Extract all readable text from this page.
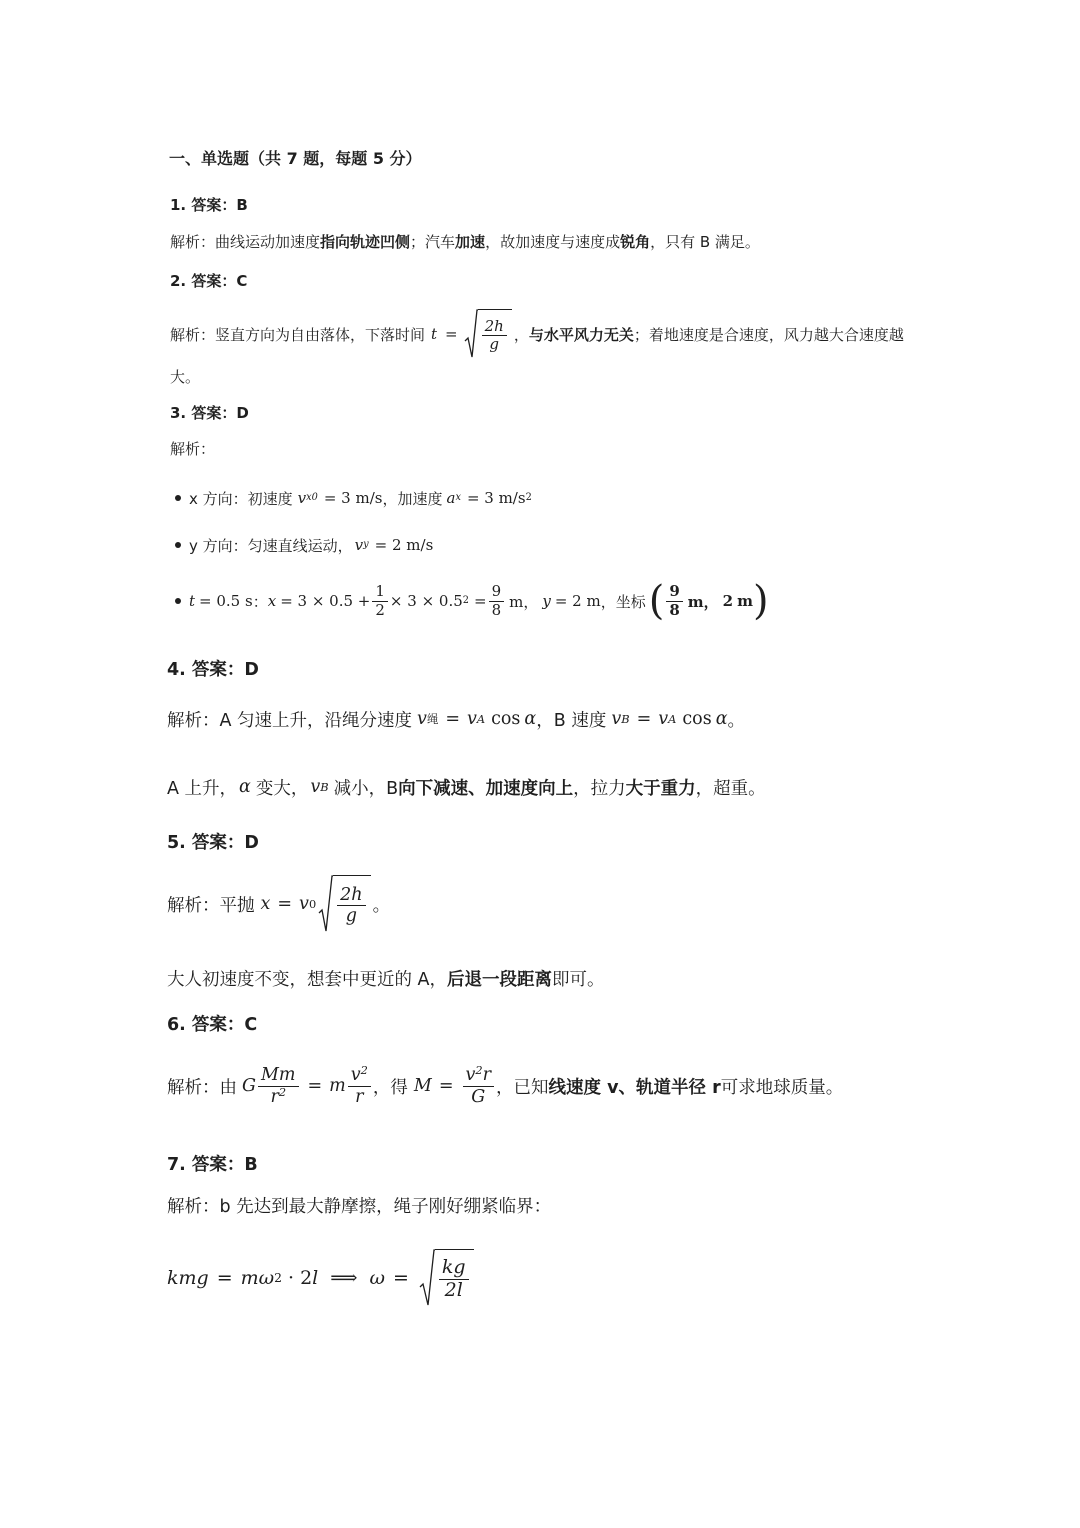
一、单选题（共 7 题，每题 5 分）
1. 答案：B
解析：曲线运动加速度 指向轨迹凹侧 ；汽车 加速 ，故加速度与速度成 锐角 ，只有 B 满足。
2. 答案：C
解析：竖直方向为自由落体，下落时间 $t = \frac{2h}{g}$ ， 与水平风力无关 ；着地速度是合速度，风力越大合速度越
大。
3. 答案：D
解析：
x 方向：初速度 v x0 = 3 m/s ，加速度 a x = 3 m/s 2
y 方向：匀速直线运动， v y = 2 m/s
t = 0.5 s ： $x = 3 \times 0.5 + \frac{1}{2} \times 3 \times 0.5$ $2 = \frac{9}{8}$ m， y = 2 m ，坐标 ( $\frac{9}{8}$ m， 2 m )
4. 答案：D
解析：A 匀速上升，沿绳分速度 v 绳 = v A cos α ，B 速度 v B = v A cos α 。
A 上升， α 变大， v B 减小，B 向下减速、加速度向上 ，拉力 大于重力 ，超重。
5. 答案：D
解析：平抛 x = v $0 \frac{2h}{g}$ 。
大人初速度不变，想套中更近的 A， 后退一段距离 即可。
6. 答案：C
解析：由 G $\frac{Mm}{r^2} = m \frac{v^2}{r}$ ，得 $M = \frac{v^2r}{G}$ ，已知 线速度 v、轨道半径 r 可求地球质量。
7. 答案：B
解析：b 先达到最大静摩擦，绳子刚好绷紧临界：
kmg = mω 2 · 2 l ⟹ $\omega = \frac{kg}{2l}$
